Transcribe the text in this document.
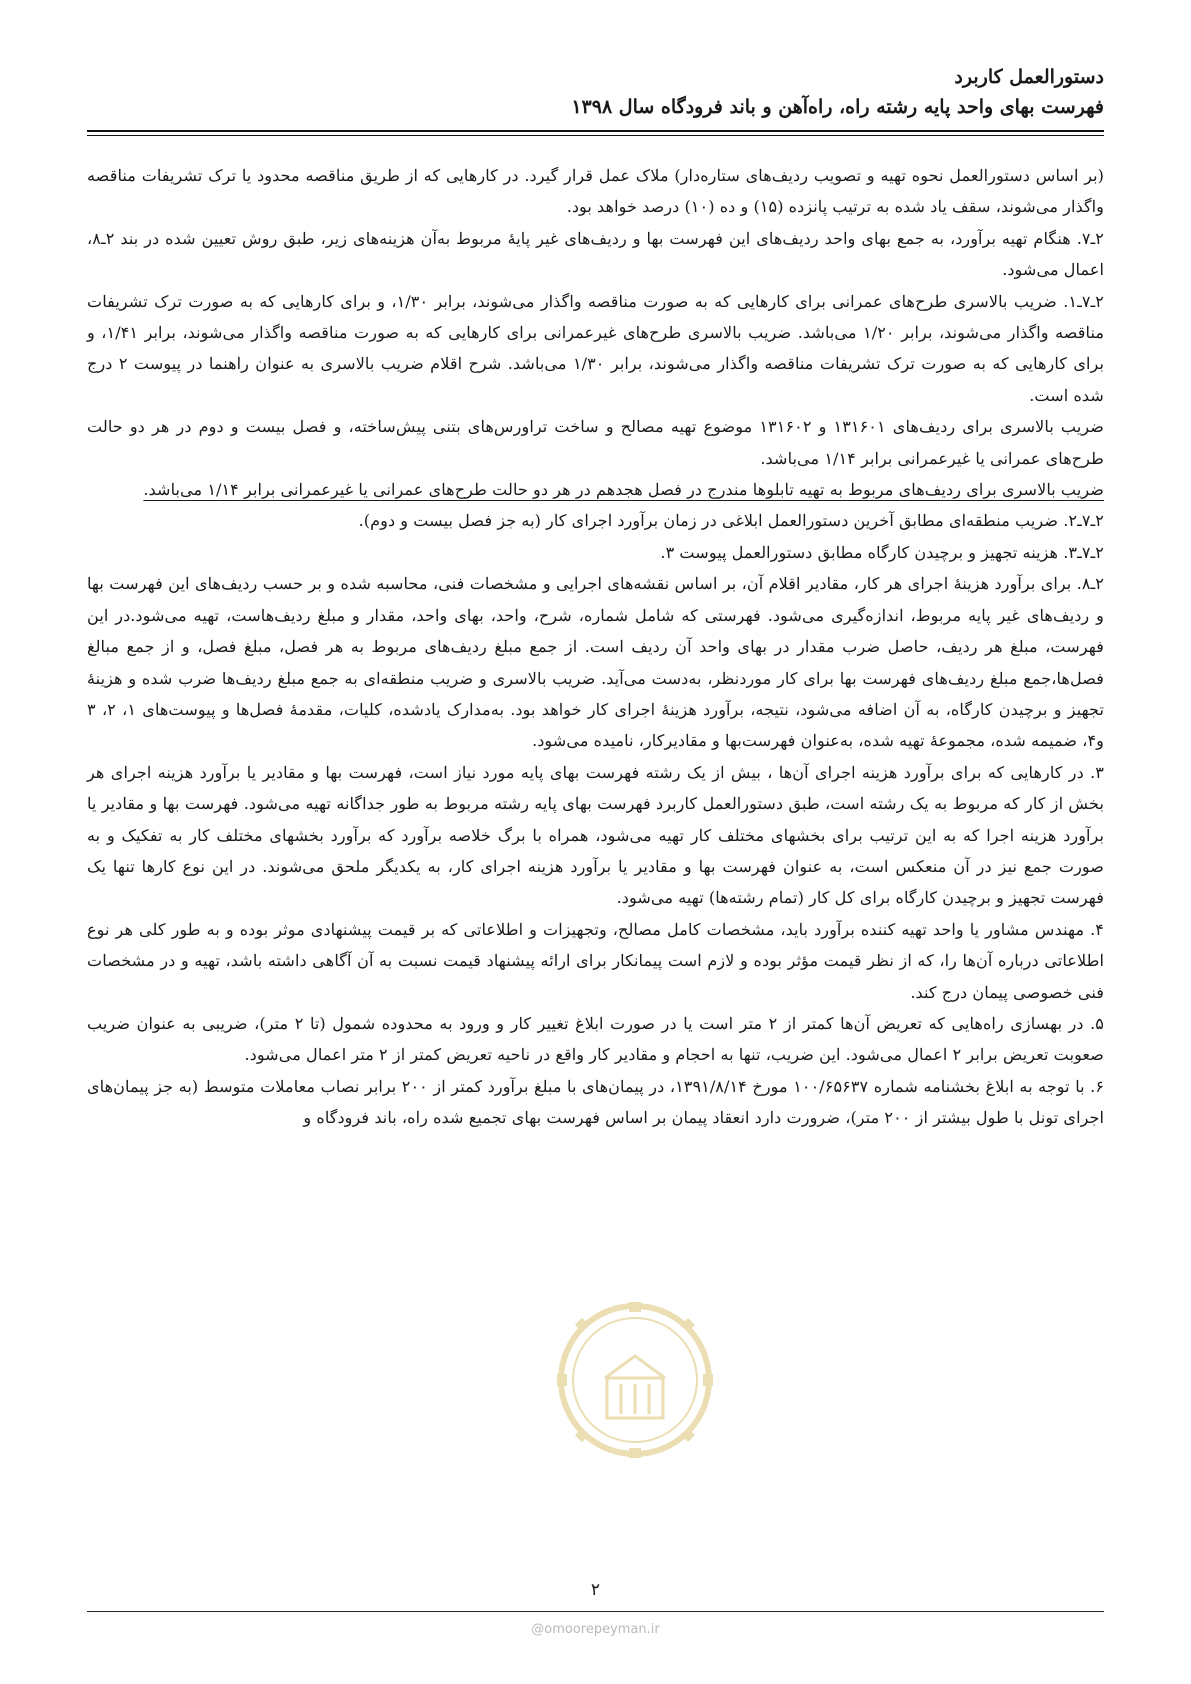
دستورالعمل کاربرد
فهرست بهای واحد پایه رشته راه، راه‌آهن و باند فرودگاه سال ۱۳۹۸

(بر اساس دستورالعمل نحوه تهیه و تصویب ردیف‌های ستاره‌دار) ملاک عمل قرار گیرد. در کارهایی که از طریق مناقصه محدود یا ترک تشریفات مناقصه واگذار می‌شوند، سقف یاد شده به ترتیب پانزده (۱۵) و ده (۱۰) درصد خواهد بود.

۲ـ۷. هنگام تهیه برآورد، به جمع بهای واحد ردیف‌های این فهرست بها و ردیف‌های غیر پایهٔ مربوط به‌آن هزینه‌های زیر، طبق روش تعیین شده در بند ۲ـ۸، اعمال می‌شود.

۲ـ۷ـ۱. ضریب بالاسری طرح‌های عمرانی برای کارهایی که به صورت مناقصه واگذار می‌شوند، برابر ۱/۳۰، و برای کارهایی که به صورت ترک تشریفات مناقصه واگذار می‌شوند، برابر ۱/۲۰ می‌باشد. ضریب بالاسری طرح‌های غیرعمرانی برای کارهایی که به صورت مناقصه واگذار می‌شوند، برابر ۱/۴۱، و برای کارهایی که به صورت ترک تشریفات مناقصه واگذار می‌شوند، برابر ۱/۳۰ می‌باشد. شرح اقلام ضریب بالاسری به عنوان راهنما در پیوست ۲ درج شده است.

ضریب بالاسری برای ردیف‌های ۱۳۱۶۰۱ و ۱۳۱۶۰۲ موضوع تهیه مصالح و ساخت تراورس‌های بتنی پیش‌ساخته، و فصل بیست و دوم در هر دو حالت طرح‌های عمرانی یا غیرعمرانی برابر ۱/۱۴ می‌باشد.

ضریب بالاسری برای ردیف‌های مربوط به تهیه تابلوها مندرج در فصل هجدهم در هر دو حالت طرح‌های عمرانی یا غیرعمرانی برابر ۱/۱۴ می‌باشد.

۲ـ۷ـ۲. ضریب منطقه‌ای مطابق آخرین دستورالعمل ابلاغی در زمان برآورد اجرای کار (به جز فصل بیست و دوم).

۲ـ۷ـ۳. هزینه تجهیز و برچیدن کارگاه مطابق دستورالعمل پیوست ۳.

۲ـ۸. برای برآورد هزینهٔ اجرای هر کار، مقادیر اقلام آن، بر اساس نقشه‌های اجرایی و مشخصات فنی، محاسبه شده و بر حسب ردیف‌های این فهرست بها و ردیف‌های غیر پایه مربوط، اندازه‌گیری می‌شود. فهرستی که شامل شماره، شرح، واحد، بهای واحد، مقدار و مبلغ ردیف‌هاست، تهیه می‌شود.در این فهرست، مبلغ هر ردیف، حاصل ضرب مقدار در بهای واحد آن ردیف است. از جمع مبلغ ردیف‌های مربوط به هر فصل، مبلغ فصل، و از جمع مبالغ فصل‌ها،جمع مبلغ ردیف‌های فهرست بها برای کار موردنظر، به‌دست می‌آید. ضریب بالاسری و ضریب منطقه‌ای به جمع مبلغ ردیف‌ها ضرب شده و هزینهٔ تجهیز و برچیدن کارگاه، به آن اضافه می‌شود، نتیجه، برآورد هزینهٔ اجرای کار خواهد بود. به‌مدارک یادشده، کلیات، مقدمهٔ فصل‌ها و پیوست‌های ۱، ۲، ۳ و۴، ضمیمه شده، مجموعهٔ تهیه شده، به‌عنوان فهرست‌بها و مقادیرکار، نامیده می‌شود.

۳. در کارهایی که برای برآورد هزینه اجرای آن‌ها ، بیش از یک رشته فهرست بهای پایه مورد نیاز است، فهرست بها و مقادیر یا برآورد هزینه اجرای هر بخش از کار که مربوط به یک رشته است، طبق دستورالعمل کاربرد فهرست بهای پایه رشته مربوط به طور جداگانه تهیه می‌شود. فهرست بها و مقادیر یا برآورد هزینه اجرا که به این ترتیب برای بخشهای مختلف کار تهیه می‌شود، همراه با برگ خلاصه برآورد که برآورد بخشهای مختلف کار به تفکیک و به صورت جمع نیز در آن منعکس است، به عنوان فهرست بها و مقادیر یا برآورد هزینه اجرای کار، به یکدیگر ملحق می‌شوند. در این نوع کارها تنها یک فهرست تجهیز و برچیدن کارگاه برای کل کار (تمام رشته‌ها) تهیه می‌شود.

۴. مهندس مشاور یا واحد تهیه کننده برآورد باید، مشخصات کامل مصالح، وتجهیزات و اطلاعاتی که بر قیمت پیشنهادی موثر بوده و به طور کلی هر نوع اطلاعاتی درباره آن‌ها را، که از نظر قیمت مؤثر بوده و لازم است پیمانکار برای ارائه پیشنهاد قیمت نسبت به آن آگاهی داشته باشد، تهیه و در مشخصات فنی خصوصی پیمان درج کند.

۵. در بهسازی راه‌هایی که تعریض آن‌ها کمتر از ۲ متر است یا در صورت ابلاغ تغییر کار و ورود به محدوده شمول (تا ۲ متر)، ضریبی به عنوان ضریب صعوبت تعریض برابر ۲ اعمال می‌شود. این ضریب، تنها به احجام و مقادیر کار واقع در ناحیه تعریض کمتر از ۲ متر اعمال می‌شود.

۶. با توجه به ابلاغ بخشنامه شماره ۱۰۰/۶۵۶۳۷ مورخ ۱۳۹۱/۸/۱۴، در پیمان‌های با مبلغ برآورد کمتر از ۲۰۰ برابر نصاب معاملات متوسط (به جز پیمان‌های اجرای تونل با طول بیشتر از ۲۰۰ متر)، ضرورت دارد انعقاد پیمان بر اساس فهرست بهای تجمیع شده راه، باند فرودگاه و

۲
@omoorepeyman.ir
